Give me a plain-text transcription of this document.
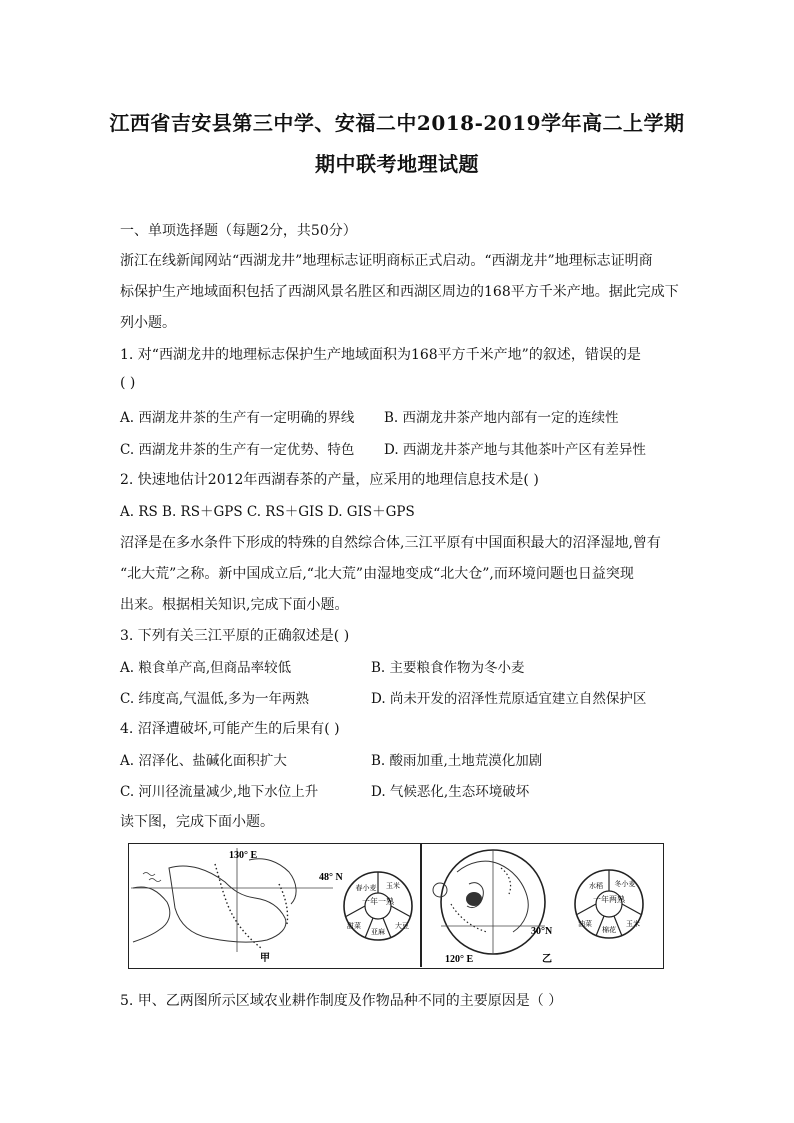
江西省吉安县第三中学、安福二中2018-2019学年高二上学期
期中联考地理试题
一、单项选择题（每题2分，共50分）
浙江在线新闻网站“西湖龙井”地理标志证明商标正式启动。“西湖龙井”地理标志证明商
标保护生产地域面积包括了西湖风景名胜区和西湖区周边的168平方千米产地。据此完成下
列小题。
1. 对“西湖龙井的地理标志保护生产地域面积为168平方千米产地”的叙述，错误的是
( )
A. 西湖龙井茶的生产有一定明确的界线 B. 西湖龙井茶产地内部有一定的连续性
C. 西湖龙井茶的生产有一定优势、特色 D. 西湖龙井茶产地与其他茶叶产区有差异性
2. 快速地估计2012年西湖春茶的产量，应采用的地理信息技术是( )
A. RS B. RS＋GPS C. RS＋GIS D. GIS＋GPS
沼泽是在多水条件下形成的特殊的自然综合体,三江平原有中国面积最大的沼泽湿地,曾有
“北大荒”之称。新中国成立后,“北大荒”由湿地变成“北大仓”,而环境问题也日益突现
出来。根据相关知识,完成下面小题。
3. 下列有关三江平原的正确叙述是( )
A. 粮食单产高,但商品率较低	B. 主要粮食作物为冬小麦
C. 纬度高,气温低,多为一年两熟	D. 尚未开发的沼泽性荒原适宜建立自然保护区
4. 沼泽遭破坏,可能产生的后果有( )
A. 沼泽化、盐碱化面积扩大	B. 酸雨加重,土地荒漠化加剧
C. 河川径流量减少,地下水位上升	D. 气候恶化,生态环境破坏
读下图，完成下面小题。
130° E
48° N
甲
一年一熟
春小麦 玉米
甜菜
亚麻
大豆
120° E
30°N
乙
一年两熟
水稻 冬小麦
油菜
棉花
玉米
5. 甲、乙两图所示区域农业耕作制度及作物品种不同的主要原因是（ ）
